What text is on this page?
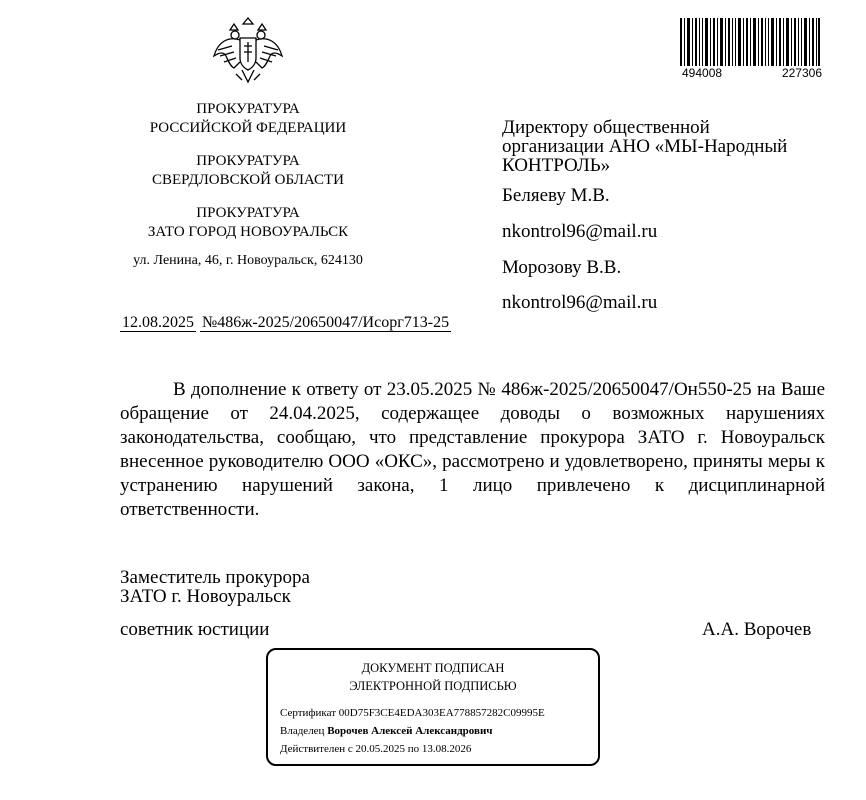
494008	227306
ПРОКУРАТУРА
РОССИЙСКОЙ ФЕДЕРАЦИИ
ПРОКУРАТУРА
СВЕРДЛОВСКОЙ ОБЛАСТИ
ПРОКУРАТУРА
ЗАТО ГОРОД НОВОУРАЛЬСК
ул. Ленина, 46, г. Новоуральск, 624130
Директору общественной
организации АНО «МЫ-Народный
КОНТРОЛЬ»
Беляеву М.В.
nkontrol96@mail.ru
Морозову В.В.
nkontrol96@mail.ru
12.08.2025 №486ж-2025/20650047/Исорг713-25

В дополнение к ответу от 23.05.2025 № 486ж-2025/20650047/Он550-25 на Ваше обращение от 24.04.2025, содержащее доводы о возможных нарушениях законодательства, сообщаю, что представление прокурора ЗАТО г. Новоуральск внесенное руководителю ООО «ОКС», рассмотрено и удовлетворено, приняты меры к устранению нарушений закона, 1 лицо привлечено к дисциплинарной ответственности.

Заместитель прокурора
ЗАТО г. Новоуральск
советник юстиции	А.А. Ворочев
ДОКУМЕНТ ПОДПИСАН
ЭЛЕКТРОННОЙ ПОДПИСЬЮ
Сертификат 00D75F3CE4EDA303EA778857282C09995E
Владелец Ворочев Алексей Александрович
Действителен с 20.05.2025 по 13.08.2026
